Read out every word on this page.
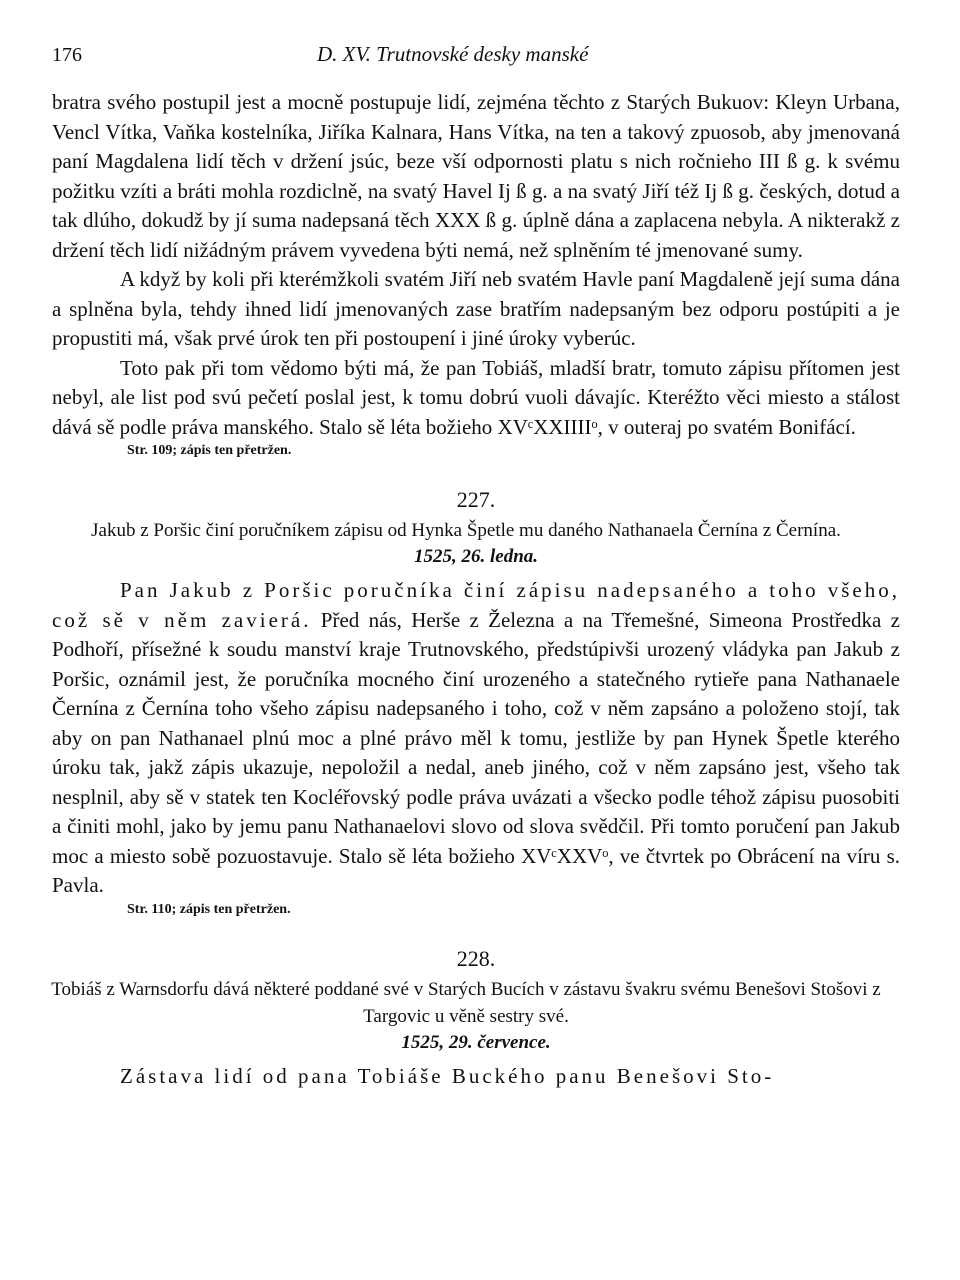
176	D. XV. Trutnovské desky manské

bratra svého postupil jest a mocně postupuje lidí, zejména těchto z Starých Bukuov: Kleyn Urbana, Vencl Vítka, Vaňka kostelníka, Jiříka Kalnara, Hans Vítka, na ten a takový zpuosob, aby jmenovaná paní Magdalena lidí těch v držení jsúc, beze vší odpornosti platu s nich ročnieho III ß g. k svému požitku vzíti a bráti mohla rozdiclně, na svatý Havel Iј ß g. a na svatý Jiří též Iј ß g. českých, dotud a tak dlúho, dokudž by jí suma nadepsaná těch XXX ß g. úplně dána a zaplacena nebyla. A nikterakž z držení těch lidí nižádným právem vyvedena býti nemá, než splněním té jmenované sumy.

A když by koli při kterémžkoli svatém Jiří neb svatém Havle paní Magdaleně její suma dána a splněna byla, tehdy ihned lidí jmenovaných zase bratřím nadepsaným bez odporu postúpiti a je propustiti má, však prvé úrok ten při postoupení i jiné úroky vyberúc.

Toto pak při tom vědomo býti má, že pan Tobiáš, mladší bratr, tomuto zápisu přítomen jest nebyl, ale list pod svú pečetí poslal jest, k tomu dobrú vuoli dávajíc. Kteréžto věci miesto a stálost dává sě podle práva manského. Stalo sě léta božieho XVᶜXXIIIIᵒ, v outeraj po svatém Bonifácí.

Str. 109; zápis ten přetržen.
227.
Jakub z Poršic činí poručníkem zápisu od Hynka Špetle mu daného Nathanaela Černína z Černína.
1525, 26. ledna.

Pan Jakub z Poršic poručníka činí zápisu nadepsaného a toho všeho, což sě v něm zavierá. Před nás, Herše z Železna a na Třemešné, Simeona Prostředka z Podhoří, přísežné k soudu manství kraje Trutnovského, předstúpivši urozený vládyka pan Jakub z Poršic, oznámil jest, že poručníka mocného činí urozeného a statečného rytieře pana Nathanaele Černína z Černína toho všeho zápisu nadepsaného i toho, což v něm zapsáno a položeno stojí, tak aby on pan Nathanael plnú moc a plné právo měl k tomu, jestliže by pan Hynek Špetle kterého úroku tak, jakž zápis ukazuje, nepoložil a nedal, aneb jiného, což v něm zapsáno jest, všeho tak nesplnil, aby sě v statek ten Kocléřovský podle práva uvázati a všecko podle téhož zápisu puosobiti a činiti mohl, jako by jemu panu Nathanaelovi slovo od slova svědčil. Při tomto poručení pan Jakub moc a miesto sobě pozuostavuje. Stalo sě léta božieho XVᶜXXVᵒ, ve čtvrtek po Obrácení na víru s. Pavla.

Str. 110; zápis ten přetržen.
228.
Tobiáš z Warnsdorfu dává některé poddané své v Starých Bucích v zástavu švakru svému Benešovi Stošovi z Targovic u věně sestry své.
1525, 29. července.

Zástava lidí od pana Tobiáše Buckého panu Benešovi Sto-
